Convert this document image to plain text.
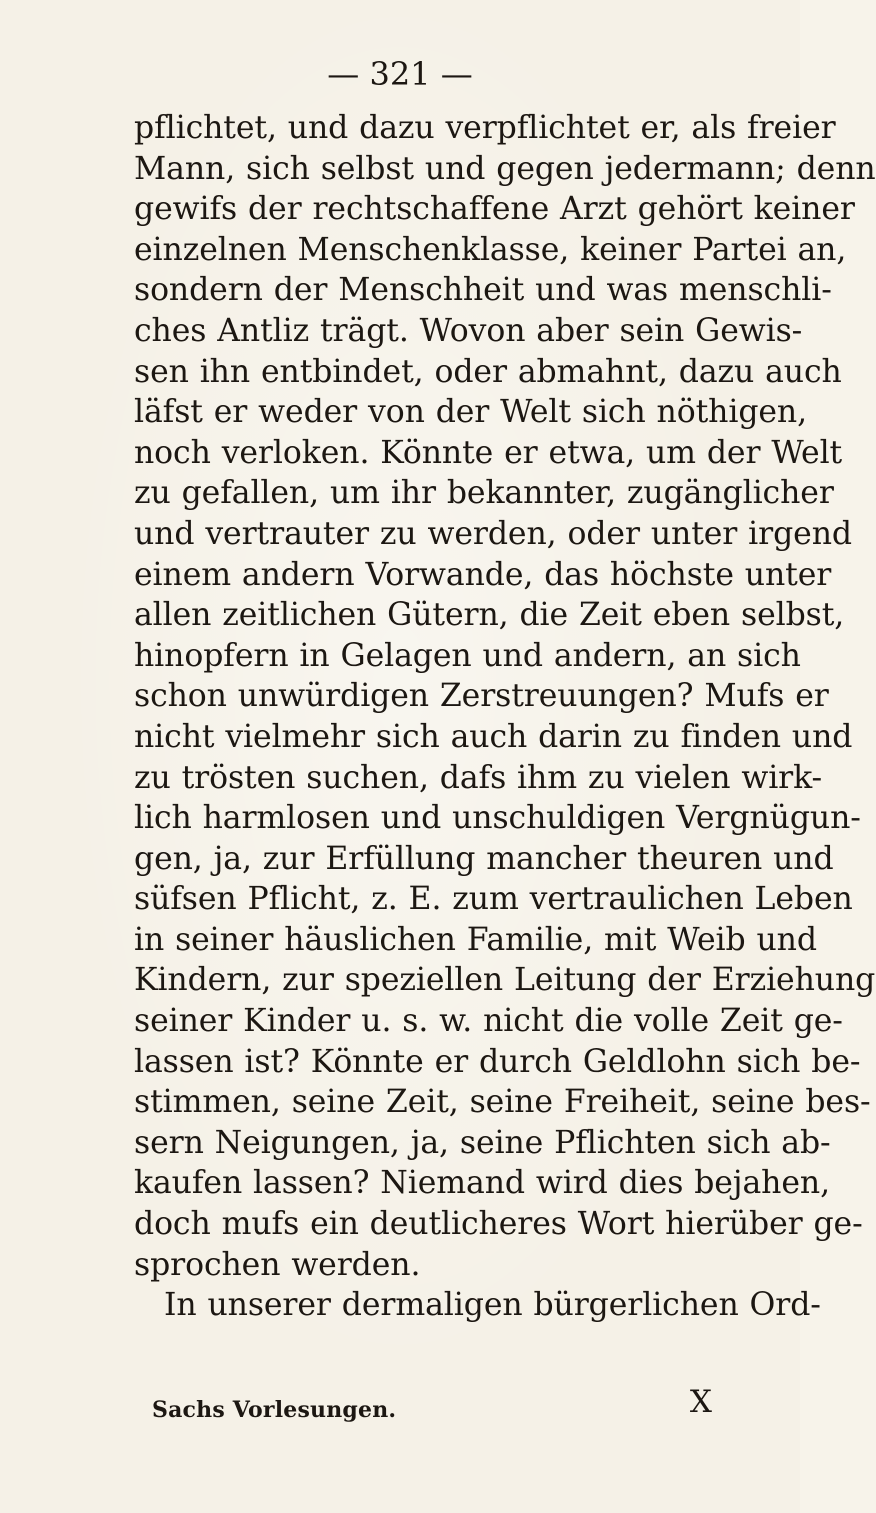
— 321 —
pflichtet, und dazu verpflichtet er, als freier
Mann, sich selbst und gegen jedermann; denn
gewifs der rechtschaffene Arzt gehört keiner
einzelnen Menschenklasse, keiner Partei an,
sondern der Menschheit und was menschli-
ches Antliz trägt. Wovon aber sein Gewis-
sen ihn entbindet, oder abmahnt, dazu auch
läfst er weder von der Welt sich nöthigen,
noch verloken. Könnte er etwa, um der Welt
zu gefallen, um ihr bekannter, zugänglicher
und vertrauter zu werden, oder unter irgend
einem andern Vorwande, das höchste unter
allen zeitlichen Gütern, die Zeit eben selbst,
hinopfern in Gelagen und andern, an sich
schon unwürdigen Zerstreuungen? Mufs er
nicht vielmehr sich auch darin zu finden und
zu trösten suchen, dafs ihm zu vielen wirk-
lich harmlosen und unschuldigen Vergnügun-
gen, ja, zur Erfüllung mancher theuren und
süfsen Pflicht, z. E. zum vertraulichen Leben
in seiner häuslichen Familie, mit Weib und
Kindern, zur speziellen Leitung der Erziehung
seiner Kinder u. s. w. nicht die volle Zeit ge-
lassen ist? Könnte er durch Geldlohn sich be-
stimmen, seine Zeit, seine Freiheit, seine bes-
sern Neigungen, ja, seine Pflichten sich ab-
kaufen lassen? Niemand wird dies bejahen,
doch mufs ein deutlicheres Wort hierüber ge-
sprochen werden.
In unserer dermaligen bürgerlichen Ord-
Sachs Vorlesungen.	X
